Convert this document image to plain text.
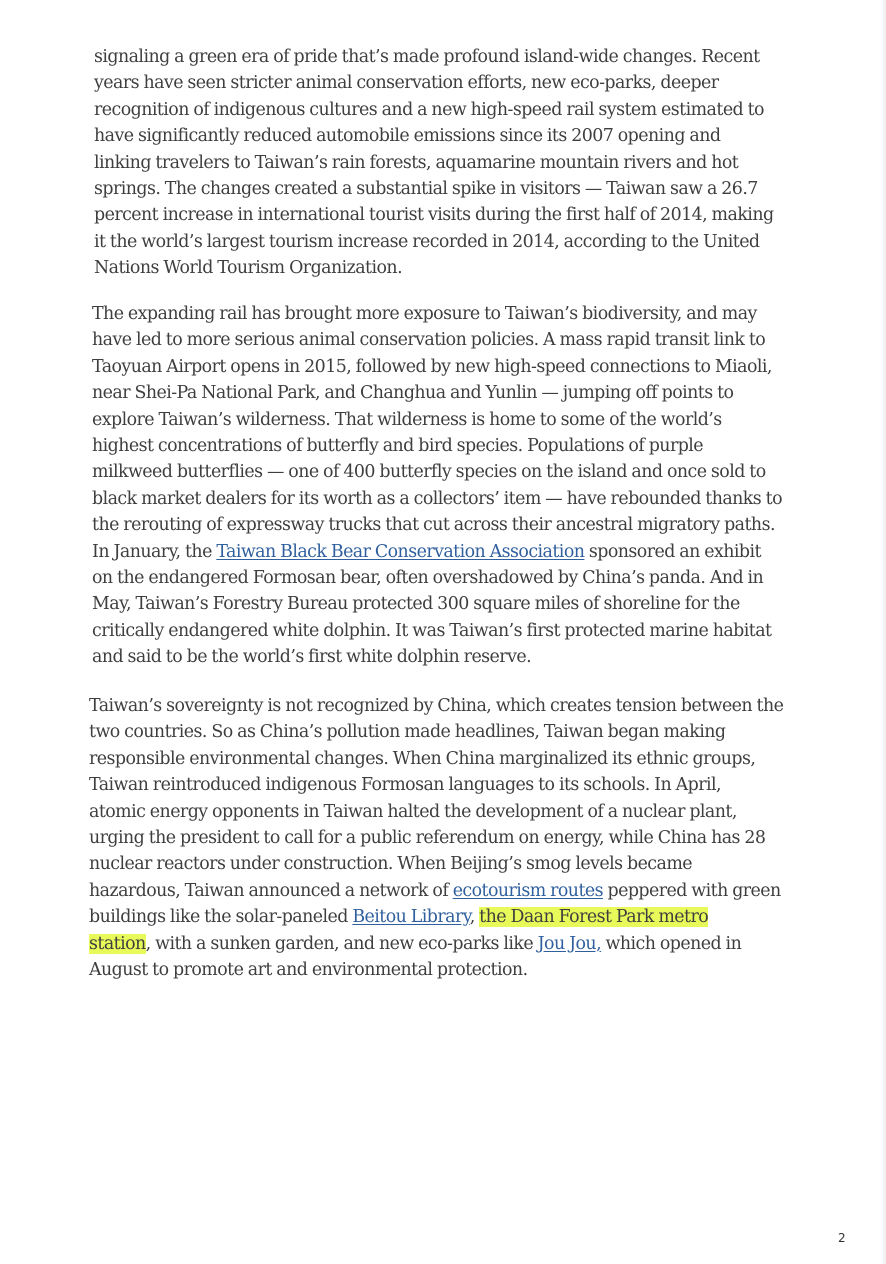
signaling a green era of pride that’s made profound island-wide changes. Recent
years have seen stricter animal conservation efforts, new eco-parks, deeper
recognition of indigenous cultures and a new high-speed rail system estimated to
have significantly reduced automobile emissions since its 2007 opening and
linking travelers to Taiwan’s rain forests, aquamarine mountain rivers and hot
springs. The changes created a substantial spike in visitors — Taiwan saw a 26.7
percent increase in international tourist visits during the first half of 2014, making
it the world’s largest tourism increase recorded in 2014, according to the United
Nations World Tourism Organization.
The expanding rail has brought more exposure to Taiwan’s biodiversity, and may
have led to more serious animal conservation policies. A mass rapid transit link to
Taoyuan Airport opens in 2015, followed by new high-speed connections to Miaoli,
near Shei-Pa National Park, and Changhua and Yunlin — jumping off points to
explore Taiwan’s wilderness. That wilderness is home to some of the world’s
highest concentrations of butterfly and bird species. Populations of purple
milkweed butterflies — one of 400 butterfly species on the island and once sold to
black market dealers for its worth as a collectors’ item — have rebounded thanks to
the rerouting of expressway trucks that cut across their ancestral migratory paths.
In January, the Taiwan Black Bear Conservation Association sponsored an exhibit
on the endangered Formosan bear, often overshadowed by China’s panda. And in
May, Taiwan’s Forestry Bureau protected 300 square miles of shoreline for the
critically endangered white dolphin. It was Taiwan’s first protected marine habitat
and said to be the world’s first white dolphin reserve.
Taiwan’s sovereignty is not recognized by China, which creates tension between the
two countries. So as China’s pollution made headlines, Taiwan began making
responsible environmental changes. When China marginalized its ethnic groups,
Taiwan reintroduced indigenous Formosan languages to its schools. In April,
atomic energy opponents in Taiwan halted the development of a nuclear plant,
urging the president to call for a public referendum on energy, while China has 28
nuclear reactors under construction. When Beijing’s smog levels became
hazardous, Taiwan announced a network of ecotourism routes peppered with green
buildings like the solar-paneled Beitou Library, the Daan Forest Park metro
station, with a sunken garden, and new eco-parks like Jou Jou, which opened in
August to promote art and environmental protection.
2
